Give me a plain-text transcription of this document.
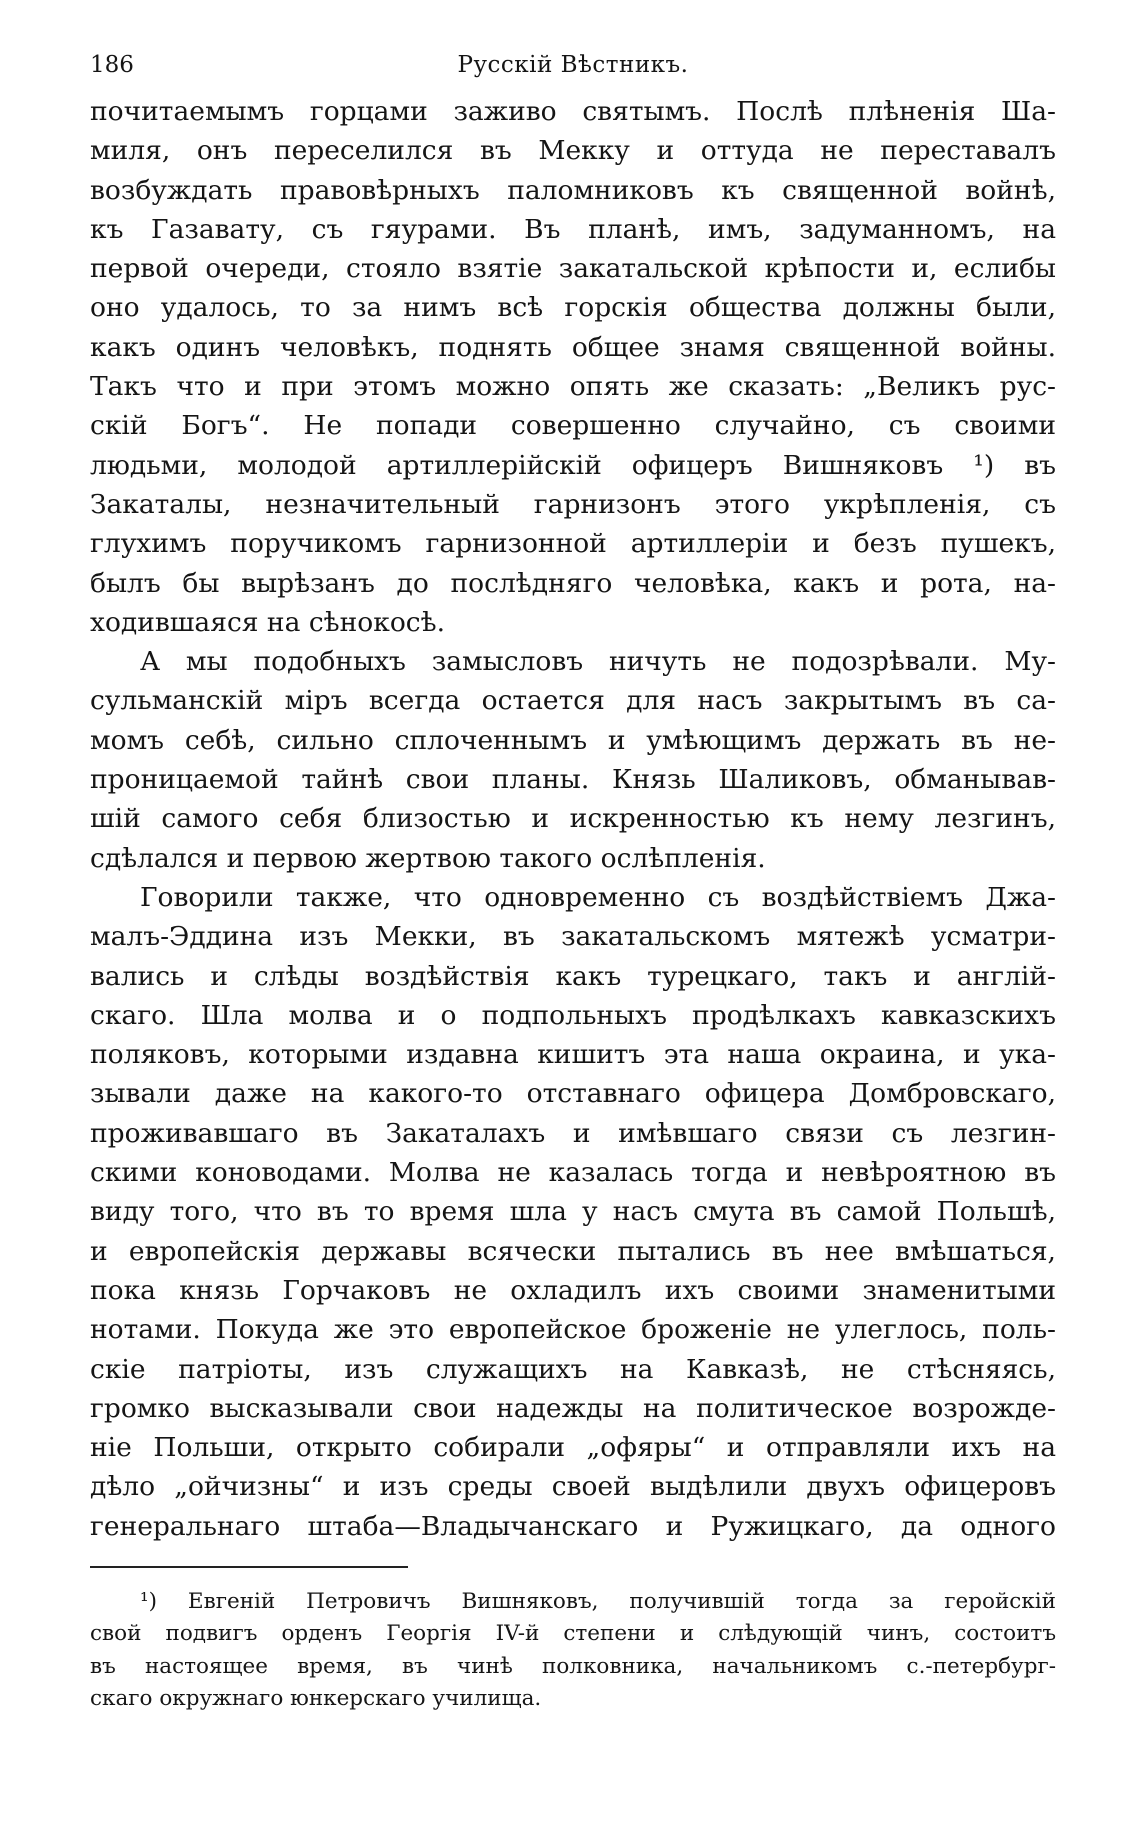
186	Русскій Вѣстникъ.
почитаемымъ горцами заживо святымъ. Послѣ плѣненія Ша-
миля, онъ переселился въ Мекку и оттуда не переставалъ
возбуждать правовѣрныхъ паломниковъ къ священной войнѣ,
къ Газавату, съ гяурами. Въ планѣ, имъ, задуманномъ, на
первой очереди, стояло взятіе закатальской крѣпости и, еслибы
оно удалось, то за нимъ всѣ горскія общества должны были,
какъ одинъ человѣкъ, поднять общее знамя священной войны.
Такъ что и при этомъ можно опять же сказать: „Великъ рус-
скій Богъ“. Не попади совершенно случайно, съ своими
людьми, молодой артиллерійскій офицеръ Вишняковъ ¹) въ
Закаталы, незначительный гарнизонъ этого укрѣпленія, съ
глухимъ поручикомъ гарнизонной артиллеріи и безъ пушекъ,
былъ бы вырѣзанъ до послѣдняго человѣка, какъ и рота, на-
ходившаяся на сѣнокосѣ.
А мы подобныхъ замысловъ ничуть не подозрѣвали. Му-
сульманскій міръ всегда остается для насъ закрытымъ въ са-
момъ себѣ, сильно сплоченнымъ и умѣющимъ держать въ не-
проницаемой тайнѣ свои планы. Князь Шаликовъ, обманывав-
шій самого себя близостью и искренностью къ нему лезгинъ,
сдѣлался и первою жертвою такого ослѣпленія.
Говорили также, что одновременно съ воздѣйствіемъ Джа-
малъ-Эддина изъ Мекки, въ закатальскомъ мятежѣ усматри-
вались и слѣды воздѣйствія какъ турецкаго, такъ и англій-
скаго. Шла молва и о подпольныхъ продѣлкахъ кавказскихъ
поляковъ, которыми издавна кишитъ эта наша окраина, и ука-
зывали даже на какого-то отставнаго офицера Домбровскаго,
проживавшаго въ Закаталахъ и имѣвшаго связи съ лезгин-
скими коноводами. Молва не казалась тогда и невѣроятною въ
виду того, что въ то время шла у насъ смута въ самой Польшѣ,
и европейскія державы всячески пытались въ нее вмѣшаться,
пока князь Горчаковъ не охладилъ ихъ своими знаменитыми
нотами. Покуда же это европейское броженіе не улеглось, поль-
скіе патріоты, изъ служащихъ на Кавказѣ, не стѣсняясь,
громко высказывали свои надежды на политическое возрожде-
ніе Польши, открыто собирали „офяры“ и отправляли ихъ на
дѣло „ойчизны“ и изъ среды своей выдѣлили двухъ офицеровъ
генеральнаго штаба—Владычанскаго и Ружицкаго, да одного
¹) Евгеній Петровичъ Вишняковъ, получившій тогда за геройскій
свой подвигъ орденъ Георгія IV-й степени и слѣдующій чинъ, состоитъ
въ настоящее время, въ чинѣ полковника, начальникомъ с.-петербург-
скаго окружнаго юнкерскаго училища.
